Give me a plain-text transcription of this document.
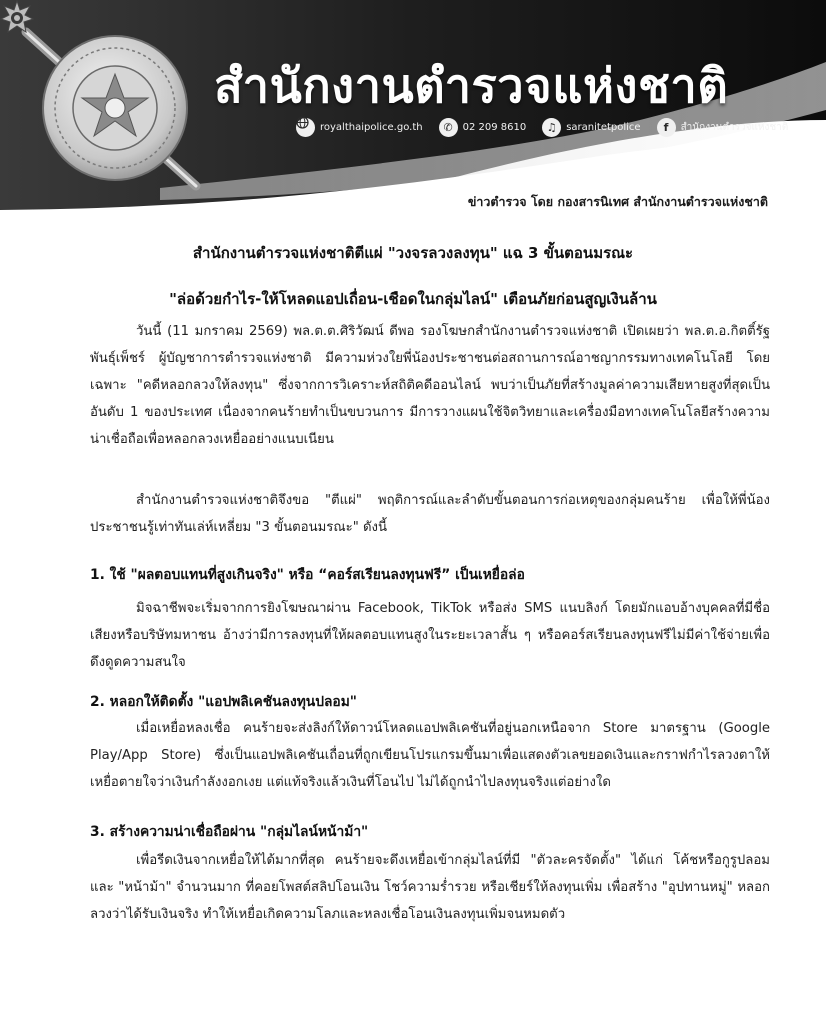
สำนักงานตำรวจแห่งชาติ
royalthaipolice.go.th	✆ 02 209 8610	♫ saranitetpolice	f	สำนักงานตำรวจแห่งชาติ
ข่าวตำรวจ โดย กองสารนิเทศ สำนักงานตำรวจแห่งชาติ
สำนักงานตำรวจแห่งชาติตีแผ่ "วงจรลวงลงทุน" แฉ 3 ขั้นตอนมรณะ
"ล่อด้วยกำไร-ให้โหลดแอปเถื่อน-เชือดในกลุ่มไลน์" เตือนภัยก่อนสูญเงินล้าน
วันนี้ (11 มกราคม 2569) พล.ต.ต.ศิริวัฒน์ ดีพอ รองโฆษกสำนักงานตำรวจแห่งชาติ เปิดเผยว่า พล.ต.อ.กิตติ์รัฐ พันธุ์เพ็ชร์ ผู้บัญชาการตำรวจแห่งชาติ มีความห่วงใยพี่น้องประชาชนต่อสถานการณ์อาชญากรรมทางเทคโนโลยี โดยเฉพาะ "คดีหลอกลวงให้ลงทุน" ซึ่งจากการวิเคราะห์สถิติคดีออนไลน์ พบว่าเป็นภัยที่สร้างมูลค่าความเสียหายสูงที่สุดเป็นอันดับ 1 ของประเทศ เนื่องจากคนร้ายทำเป็นขบวนการ มีการวางแผนใช้จิตวิทยาและเครื่องมือทางเทคโนโลยีสร้างความน่าเชื่อถือเพื่อหลอกลวงเหยื่ออย่างแนบเนียน
สำนักงานตำรวจแห่งชาติจึงขอ "ตีแผ่" พฤติการณ์และลำดับขั้นตอนการก่อเหตุของกลุ่มคนร้าย เพื่อให้พี่น้องประชาชนรู้เท่าทันเล่ห์เหลี่ยม "3 ขั้นตอนมรณะ" ดังนี้
1. ใช้ "ผลตอบแทนที่สูงเกินจริง" หรือ “คอร์สเรียนลงทุนฟรี” เป็นเหยื่อล่อ
มิจฉาชีพจะเริ่มจากการยิงโฆษณาผ่าน Facebook, TikTok หรือส่ง SMS แนบลิงก์ โดยมักแอบอ้างบุคคลที่มีชื่อเสียงหรือบริษัทมหาชน อ้างว่ามีการลงทุนที่ให้ผลตอบแทนสูงในระยะเวลาสั้น ๆ หรือคอร์สเรียนลงทุนฟรีไม่มีค่าใช้จ่ายเพื่อดึงดูดความสนใจ
2. หลอกให้ติดตั้ง "แอปพลิเคชันลงทุนปลอม"
เมื่อเหยื่อหลงเชื่อ คนร้ายจะส่งลิงก์ให้ดาวน์โหลดแอปพลิเคชันที่อยู่นอกเหนือจาก Store มาตรฐาน (Google Play/App Store) ซึ่งเป็นแอปพลิเคชันเถื่อนที่ถูกเขียนโปรแกรมขึ้นมาเพื่อแสดงตัวเลขยอดเงินและกราฟกำไรลวงตาให้เหยื่อตายใจว่าเงินกำลังงอกเงย แต่แท้จริงแล้วเงินที่โอนไป ไม่ได้ถูกนำไปลงทุนจริงแต่อย่างใด
3. สร้างความน่าเชื่อถือผ่าน "กลุ่มไลน์หน้าม้า"
เพื่อรีดเงินจากเหยื่อให้ได้มากที่สุด คนร้ายจะดึงเหยื่อเข้ากลุ่มไลน์ที่มี "ตัวละครจัดตั้ง" ได้แก่ โค้ชหรือกูรูปลอม และ "หน้าม้า" จำนวนมาก ที่คอยโพสต์สลิปโอนเงิน โชว์ความร่ำรวย หรือเชียร์ให้ลงทุนเพิ่ม เพื่อสร้าง "อุปทานหมู่" หลอกลวงว่าได้รับเงินจริง ทำให้เหยื่อเกิดความโลภและหลงเชื่อโอนเงินลงทุนเพิ่มจนหมดตัว
